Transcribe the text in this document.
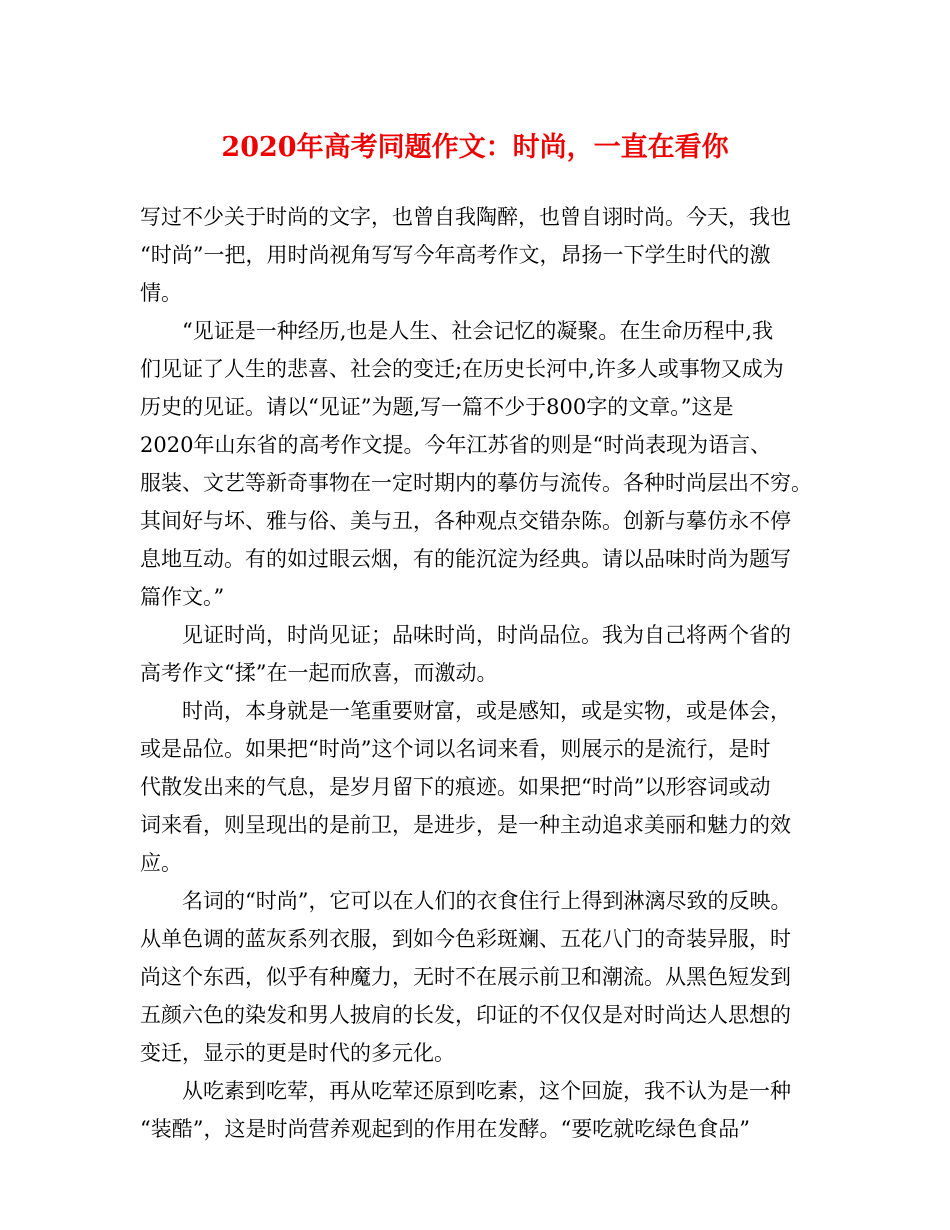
2020年高考同题作文：时尚，一直在看你
写过不少关于时尚的文字，也曾自我陶醉，也曾自诩时尚。今天，我也
“时尚”一把，用时尚视角写写今年高考作文，昂扬一下学生时代的激
情。
“见证是一种经历,也是人生、社会记忆的凝聚。在生命历程中,我
们见证了人生的悲喜、社会的变迁;在历史长河中,许多人或事物又成为
历史的见证。请以“见证”为题,写一篇不少于800字的文章。”这是
2020年山东省的高考作文提。今年江苏省的则是“时尚表现为语言、
服装、文艺等新奇事物在一定时期内的摹仿与流传。各种时尚层出不穷。
其间好与坏、雅与俗、美与丑，各种观点交错杂陈。创新与摹仿永不停
息地互动。有的如过眼云烟，有的能沉淀为经典。请以品味时尚为题写
篇作文。”
见证时尚，时尚见证；品味时尚，时尚品位。我为自己将两个省的
高考作文“揉”在一起而欣喜，而激动。
时尚，本身就是一笔重要财富，或是感知，或是实物，或是体会，
或是品位。如果把“时尚”这个词以名词来看，则展示的是流行，是时
代散发出来的气息，是岁月留下的痕迹。如果把“时尚”以形容词或动
词来看，则呈现出的是前卫，是进步，是一种主动追求美丽和魅力的效
应。
名词的“时尚”，它可以在人们的衣食住行上得到淋漓尽致的反映。
从单色调的蓝灰系列衣服，到如今色彩斑斓、五花八门的奇装异服，时
尚这个东西，似乎有种魔力，无时不在展示前卫和潮流。从黑色短发到
五颜六色的染发和男人披肩的长发，印证的不仅仅是对时尚达人思想的
变迁，显示的更是时代的多元化。
从吃素到吃荤，再从吃荤还原到吃素，这个回旋，我不认为是一种
“装酷”，这是时尚营养观起到的作用在发酵。“要吃就吃绿色食品”
